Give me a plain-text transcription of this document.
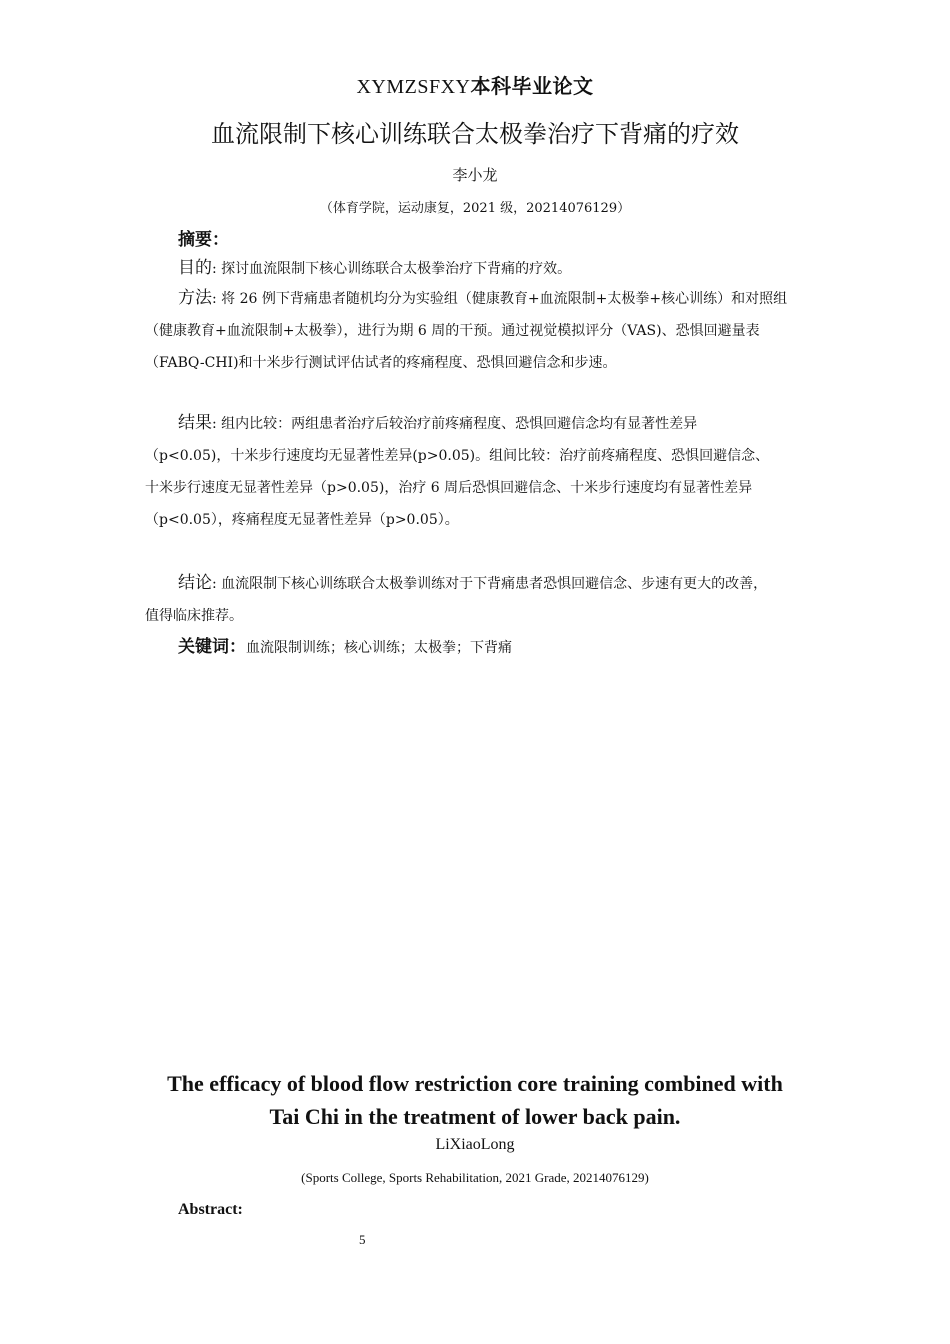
XYMZSFXY本科毕业论文
血流限制下核心训练联合太极拳治疗下背痛的疗效
李小龙
（体育学院，运动康复，2021 级，20214076129）
摘要：

目的: 探讨血流限制下核心训练联合太极拳治疗下背痛的疗效。

方法: 将 26 例下背痛患者随机均分为实验组（健康教育+血流限制+太极拳+核心训练）和对照组（健康教育+血流限制+太极拳），进行为期 6 周的干预。通过视觉模拟评分（VAS)、恐惧回避量表（FABQ-CHI)和十米步行测试评估试者的疼痛程度、恐惧回避信念和步速。

结果: 组内比较：两组患者治疗后较治疗前疼痛程度、恐惧回避信念均有显著性差异（p<0.05)，十米步行速度均无显著性差异(p>0.05)。组间比较：治疗前疼痛程度、恐惧回避信念、十米步行速度无显著性差异（p>0.05)，治疗 6 周后恐惧回避信念、十米步行速度均有显著性差异（p<0.05），疼痛程度无显著性差异（p>0.05）。

结论: 血流限制下核心训练联合太极拳训练对于下背痛患者恐惧回避信念、步速有更大的改善，值得临床推荐。

关键词：血流限制训练；核心训练；太极拳；下背痛

The efficacy of blood flow restriction core training combined with Tai Chi in the treatment of lower back pain.
LiXiaoLong
(Sports College, Sports Rehabilitation, 2021 Grade, 20214076129)
Abstract:
5
